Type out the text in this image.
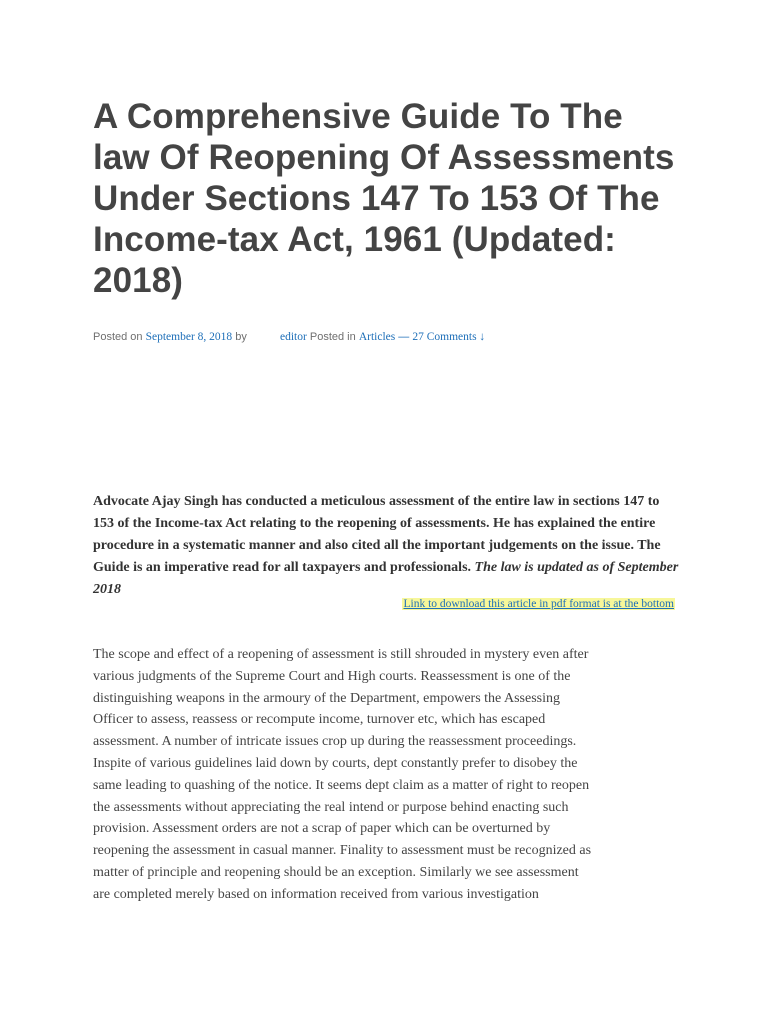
A Comprehensive Guide To The law Of Reopening Of Assessments Under Sections 147 To 153 Of The Income-tax Act, 1961 (Updated: 2018)
Posted on September 8, 2018 by	editor Posted in Articles — 27 Comments ↓
Advocate Ajay Singh has conducted a meticulous assessment of the entire law in sections 147 to 153 of the Income-tax Act relating to the reopening of assessments. He has explained the entire procedure in a systematic manner and also cited all the important judgements on the issue. The Guide is an imperative read for all taxpayers and professionals. The law is updated as of September 2018
Link to download this article in pdf format is at the bottom

The scope and effect of a reopening of assessment is still shrouded in mystery even after
various judgments of the Supreme Court and High courts. Reassessment is one of the
distinguishing weapons in the armoury of the Department, empowers the Assessing
Officer to assess, reassess or recompute income, turnover etc, which has escaped
assessment. A number of intricate issues crop up during the reassessment proceedings.
Inspite of various guidelines laid down by courts, dept constantly prefer to disobey the
same leading to quashing of the notice. It seems dept claim as a matter of right to reopen
the assessments without appreciating the real intend or purpose behind enacting such
provision. Assessment orders are not a scrap of paper which can be overturned by
reopening the assessment in casual manner. Finality to assessment must be recognized as
matter of principle and reopening should be an exception. Similarly we see assessment
are completed merely based on information received from various investigation
